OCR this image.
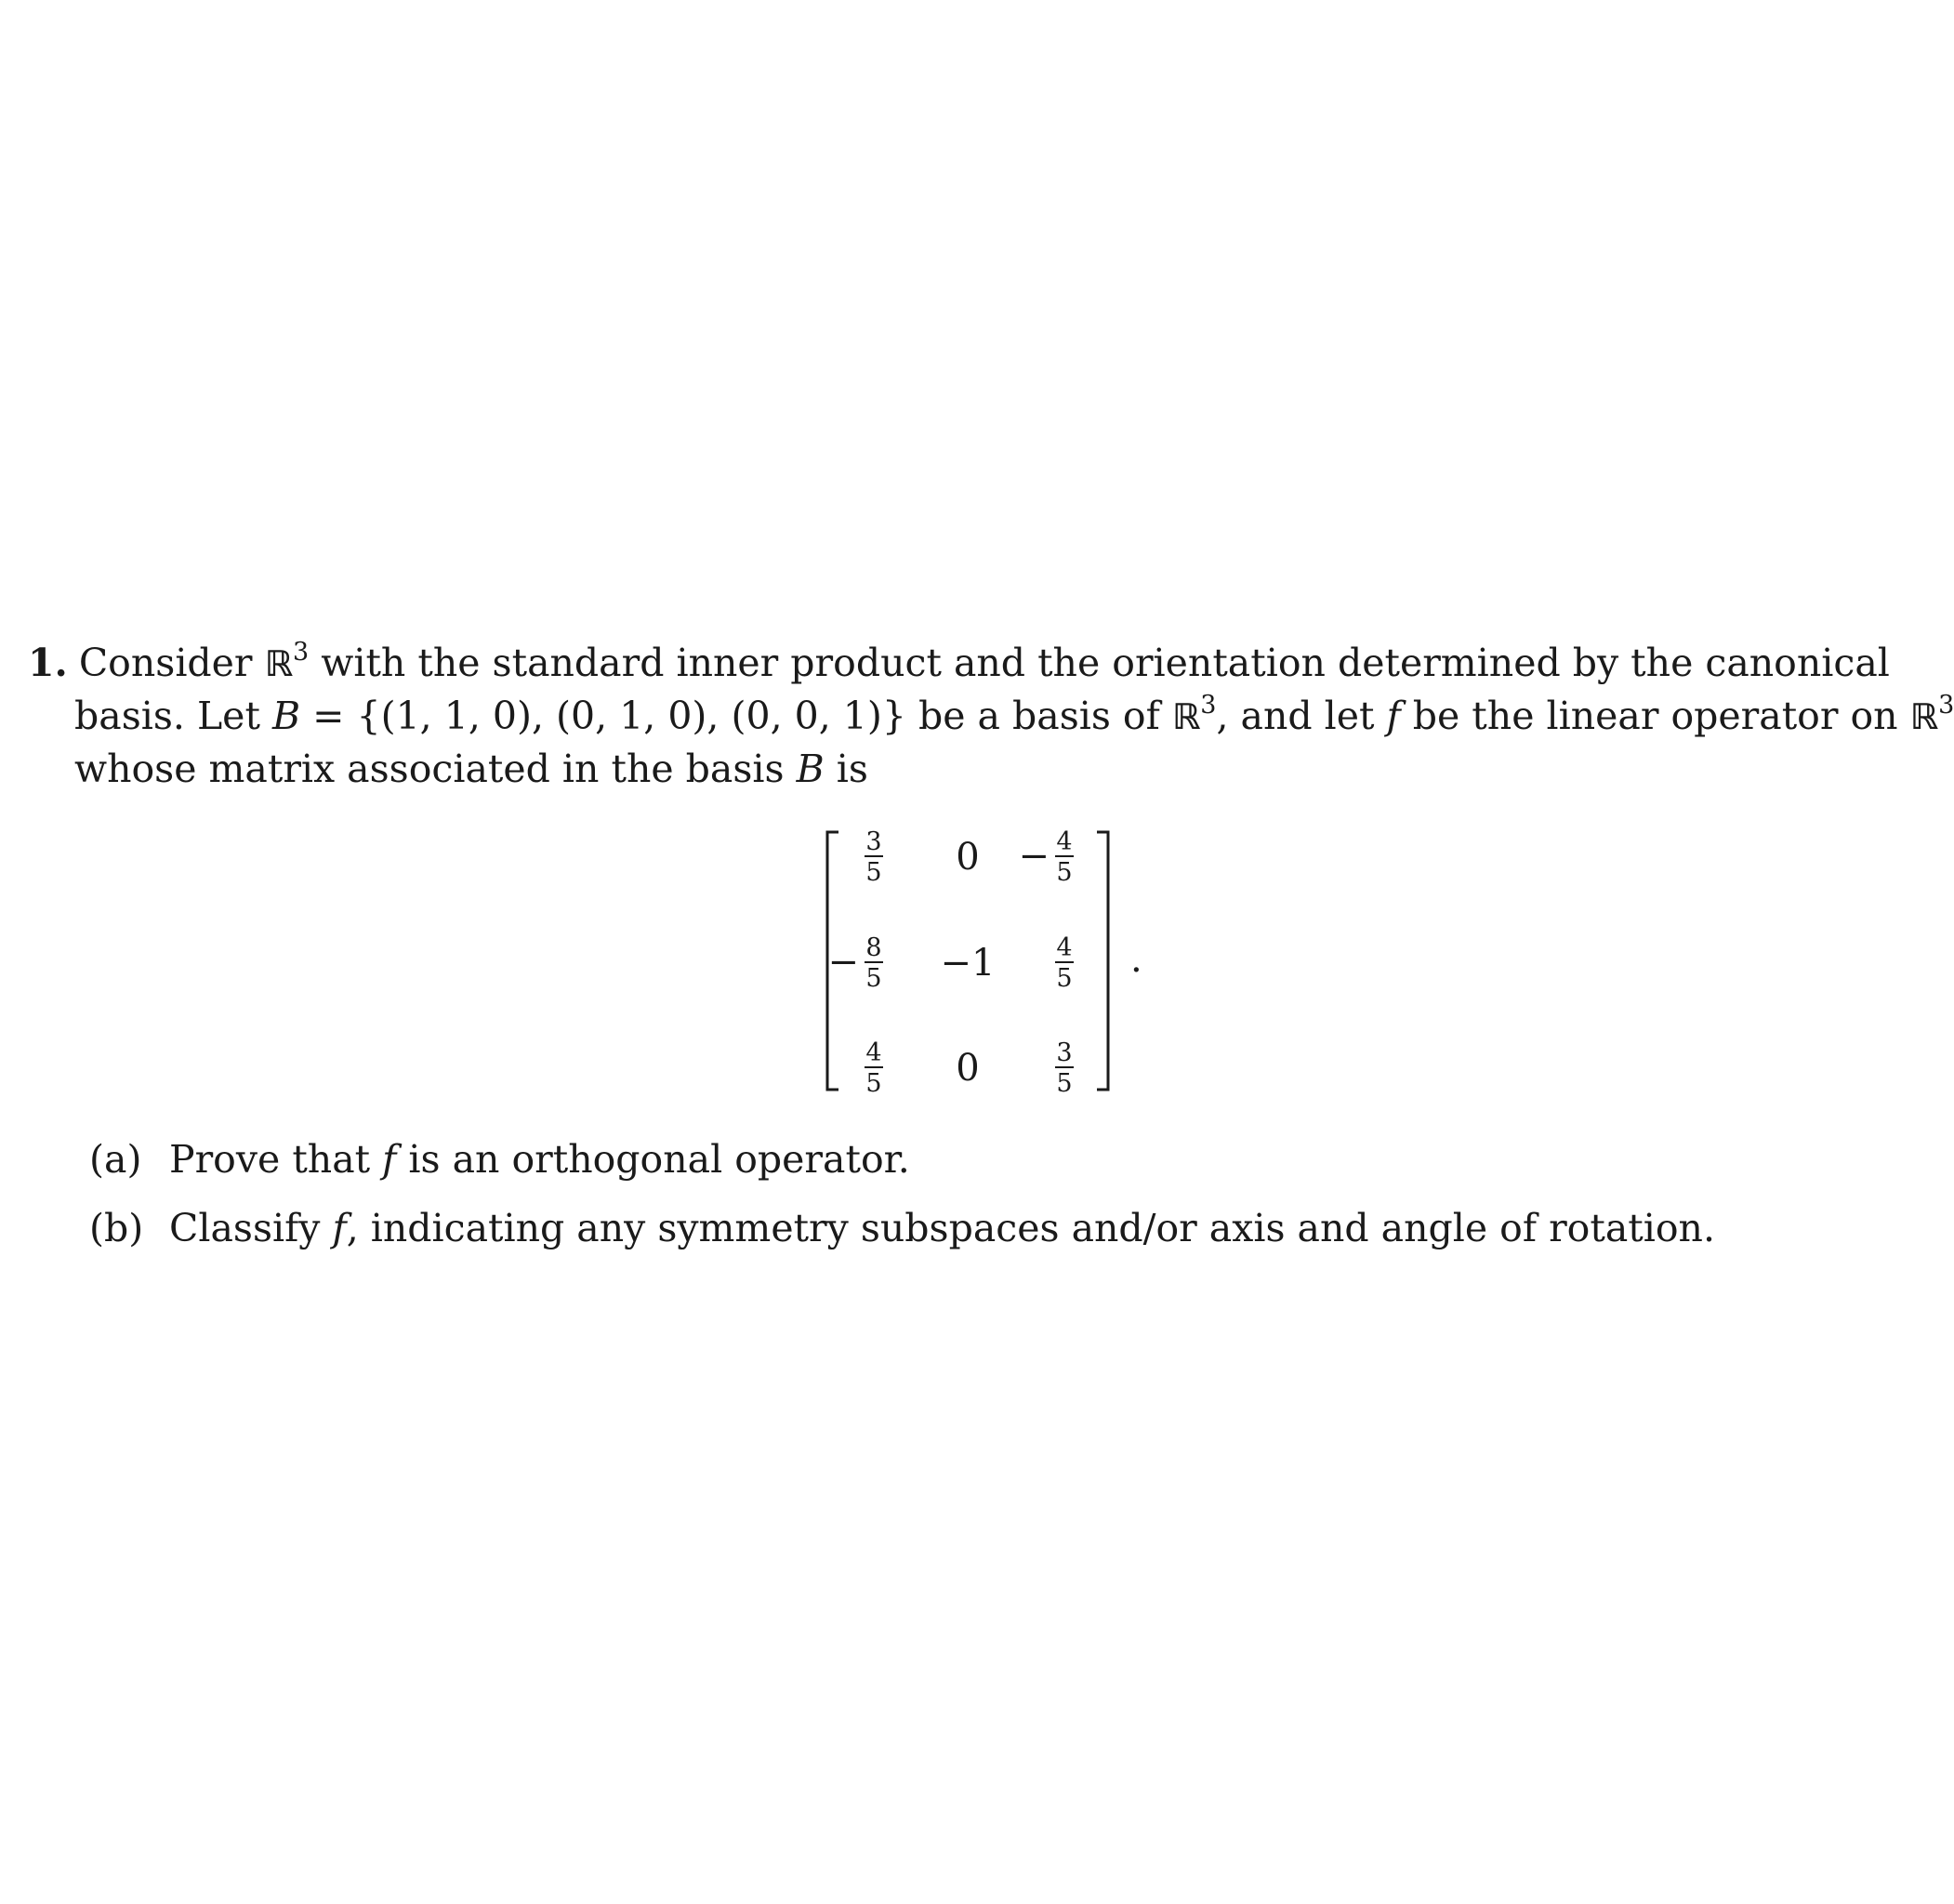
1. Consider ℝ$^3$ with the standard inner product and the orientation determined by the canonical
basis. Let B = {(1, 1, 0), (0, 1, 0), (0, 0, 1)} be a basis of ℝ$^3$, and let f be the linear operator on ℝ$^3$
whose matrix associated in the basis B is
3
5 0 − 4
5
− 8
5 −1 4
5
4
5 0	3
5
.
(a) Prove that f is an orthogonal operator.
(b) Classify f, indicating any symmetry subspaces and/or axis and angle of rotation.
